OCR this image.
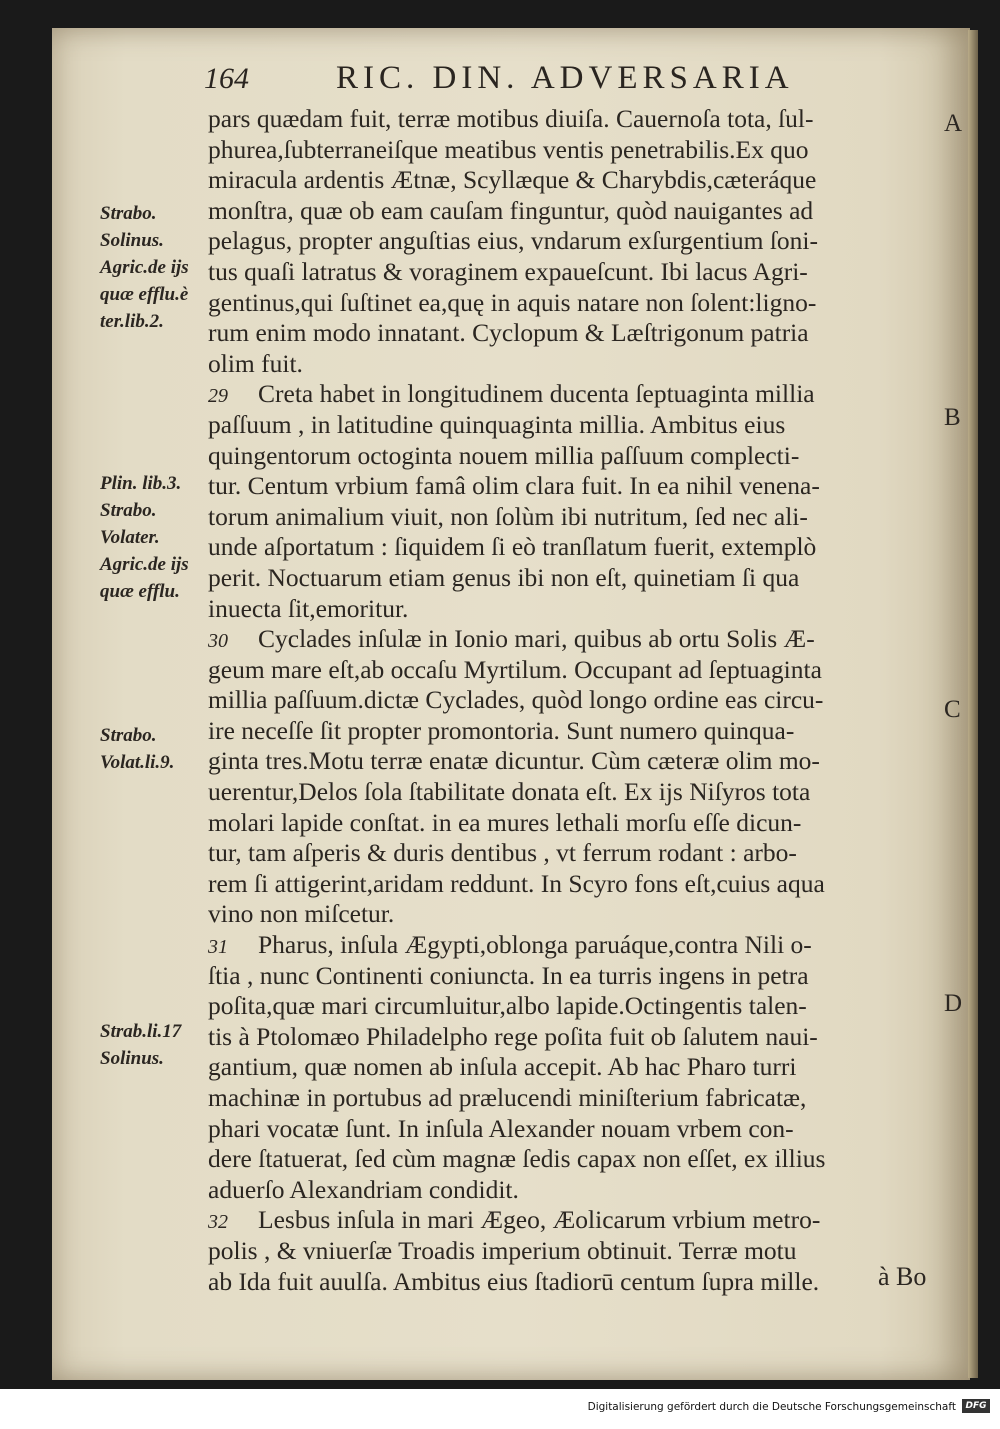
164	RIC. DIN. ADVERSARIA
pars quædam fuit, terræ motibus diuiſa. Cauernoſa tota, ſul-
phurea,ſubterraneiſque meatibus ventis penetrabilis.Ex quo
miracula ardentis Ætnæ, Scyllæque & Charybdis,cæteráque
monſtra, quæ ob eam cauſam finguntur, quòd nauigantes ad
pelagus, propter anguſtias eius, vndarum exſurgentium ſoni-
tus quaſi latratus & voraginem expaueſcunt. Ibi lacus Agri-
gentinus,qui ſuſtinet ea,quę in aquis natare non ſolent:ligno-
rum enim modo innatant. Cyclopum & Læſtrigonum patria
olim fuit.
29 Creta habet in longitudinem ducenta ſeptuaginta millia
paſſuum , in latitudine quinquaginta millia. Ambitus eius
quingentorum octoginta nouem millia paſſuum complecti-
tur. Centum vrbium famâ olim clara fuit. In ea nihil venena-
torum animalium viuit, non ſolùm ibi nutritum, ſed nec ali-
unde aſportatum : ſiquidem ſi eò tranſlatum fuerit, extemplò
perit. Noctuarum etiam genus ibi non eſt, quinetiam ſi qua
inuecta ſit,emoritur.
30 Cyclades inſulæ in Ionio mari, quibus ab ortu Solis Æ-
geum mare eſt,ab occaſu Myrtilum. Occupant ad ſeptuaginta
millia paſſuum.dictæ Cyclades, quòd longo ordine eas circu-
ire neceſſe ſit propter promontoria. Sunt numero quinqua-
ginta tres.Motu terræ enatæ dicuntur. Cùm cæteræ olim mo-
uerentur,Delos ſola ſtabilitate donata eſt. Ex ijs Niſyros tota
molari lapide conſtat. in ea mures lethali morſu eſſe dicun-
tur, tam aſperis & duris dentibus , vt ferrum rodant : arbo-
rem ſi attigerint,aridam reddunt. In Scyro fons eſt,cuius aqua
vino non miſcetur.
31 Pharus, inſula Ægypti,oblonga paruáque,contra Nili o-
ſtia , nunc Continenti coniuncta. In ea turris ingens in petra
poſita,quæ mari circumluitur,albo lapide.Octingentis talen-
tis à Ptolomæo Philadelpho rege poſita fuit ob ſalutem naui-
gantium, quæ nomen ab inſula accepit. Ab hac Pharo turri
machinæ in portubus ad prælucendi miniſterium fabricatæ,
phari vocatæ ſunt. In inſula Alexander nouam vrbem con-
dere ſtatuerat, ſed cùm magnæ ſedis capax non eſſet, ex illius
aduerſo Alexandriam condidit.
32 Lesbus inſula in mari Ægeo, Æolicarum vrbium metro-
polis , & vniuerſæ Troadis imperium obtinuit. Terræ motu
ab Ida fuit auulſa. Ambitus eius ſtadiorū centum ſupra mille.
Strabo.
Solinus.
Agric.de ijs
quæ efflu.è
ter.lib.2.
Plin. lib.3.
Strabo.
Volater.
Agric.de ijs
quæ efflu.
Strabo.
Volat.li.9.
Strab.li.17
Solinus.
A
B
C
D
à Bo
Digitalisierung gefördert durch die Deutsche Forschungsgemeinschaft	DFG
